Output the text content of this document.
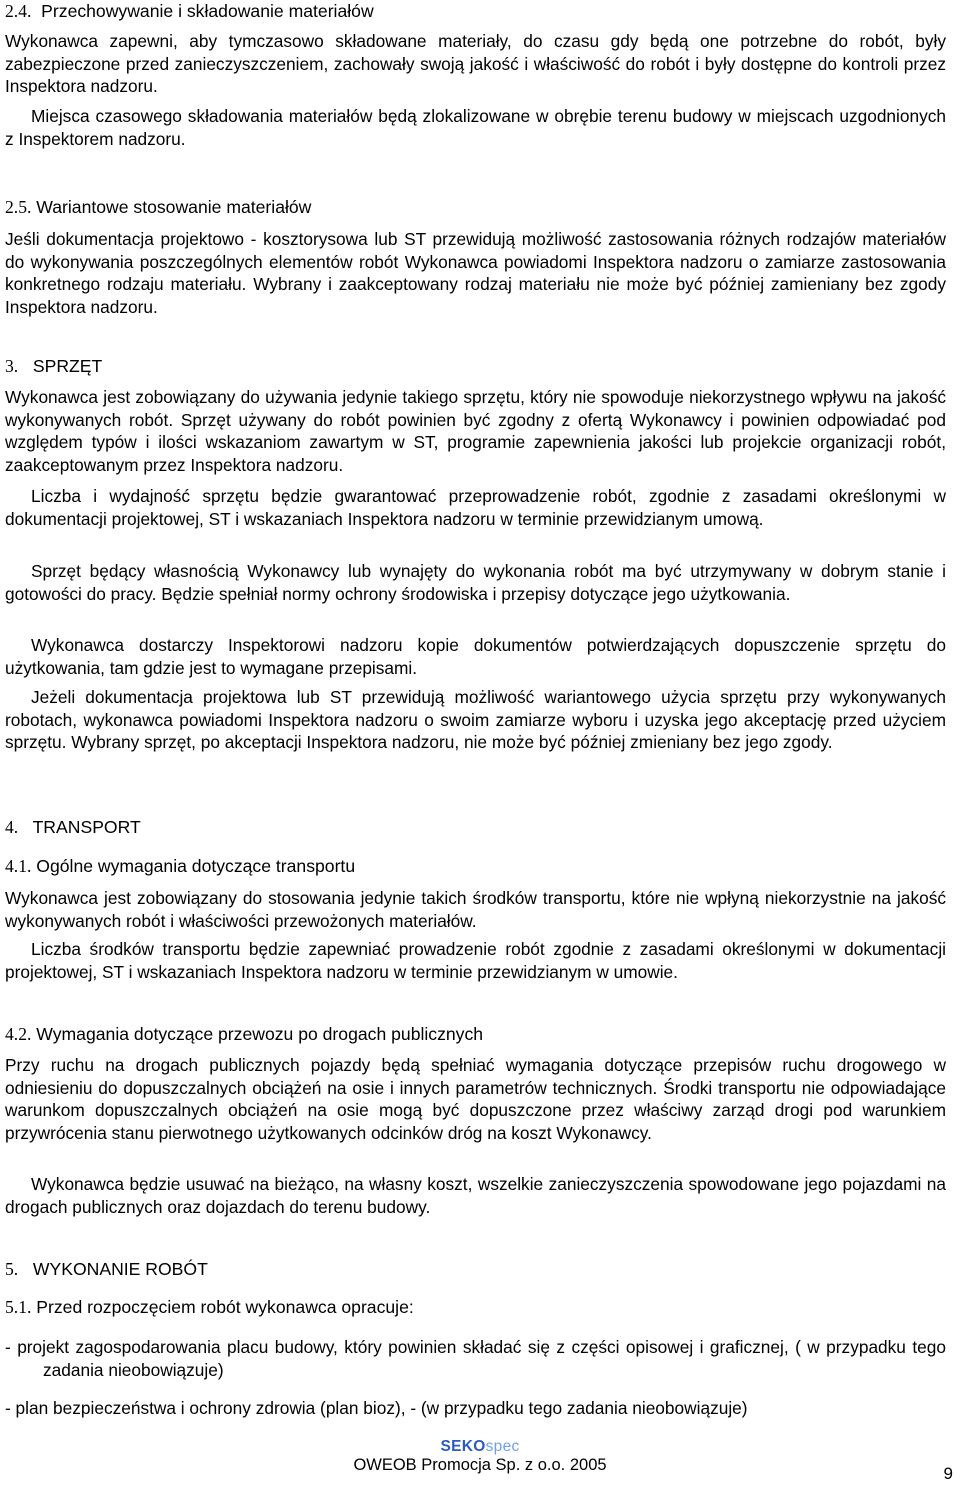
2.4. Przechowywanie i składowanie materiałów

Wykonawca zapewni, aby tymczasowo składowane materiały, do czasu gdy będą one potrzebne do robót, były zabezpieczone przed zanieczyszczeniem, zachowały swoją jakość i właściwość do robót i były dostępne do kontroli przez Inspektora nadzoru.

Miejsca czasowego składowania materiałów będą zlokalizowane w obrębie terenu budowy w miejscach uzgodnionych z Inspektorem nadzoru.

2.5. Wariantowe stosowanie materiałów

Jeśli dokumentacja projektowo - kosztorysowa lub ST przewidują możliwość zastosowania różnych rodzajów materiałów do wykonywania poszczególnych elementów robót Wykonawca powiadomi Inspektora nadzoru o zamiarze zastosowania konkretnego rodzaju materiału. Wybrany i zaakceptowany rodzaj materiału nie może być później zamieniany bez zgody Inspektora nadzoru.

3. SPRZĘT

Wykonawca jest zobowiązany do używania jedynie takiego sprzętu, który nie spowoduje niekorzystnego wpływu na jakość wykonywanych robót. Sprzęt używany do robót powinien być zgodny z ofertą Wykonawcy i powinien odpowiadać pod względem typów i ilości wskazaniom zawartym w ST, programie zapewnienia jakości lub projekcie organizacji robót, zaakceptowanym przez Inspektora nadzoru.

Liczba i wydajność sprzętu będzie gwarantować przeprowadzenie robót, zgodnie z zasadami określonymi w dokumentacji projektowej, ST i wskazaniach Inspektora nadzoru w terminie przewidzianym umową.

Sprzęt będący własnością Wykonawcy lub wynajęty do wykonania robót ma być utrzymywany w dobrym stanie i gotowości do pracy. Będzie spełniał normy ochrony środowiska i przepisy dotyczące jego użytkowania.

Wykonawca dostarczy Inspektorowi nadzoru kopie dokumentów potwierdzających dopuszczenie sprzętu do użytkowania, tam gdzie jest to wymagane przepisami.

Jeżeli dokumentacja projektowa lub ST przewidują możliwość wariantowego użycia sprzętu przy wykonywanych robotach, wykonawca powiadomi Inspektora nadzoru o swoim zamiarze wyboru i uzyska jego akceptację przed użyciem sprzętu. Wybrany sprzęt, po akceptacji Inspektora nadzoru, nie może być później zmieniany bez jego zgody.

4. TRANSPORT

4.1. Ogólne wymagania dotyczące transportu

Wykonawca jest zobowiązany do stosowania jedynie takich środków transportu, które nie wpłyną niekorzystnie na jakość wykonywanych robót i właściwości przewożonych materiałów.

Liczba środków transportu będzie zapewniać prowadzenie robót zgodnie z zasadami określonymi w dokumentacji projektowej, ST i wskazaniach Inspektora nadzoru w terminie przewidzianym w umowie.

4.2. Wymagania dotyczące przewozu po drogach publicznych

Przy ruchu na drogach publicznych pojazdy będą spełniać wymagania dotyczące przepisów ruchu drogowego w odniesieniu do dopuszczalnych obciążeń na osie i innych parametrów technicznych. Środki transportu nie odpowiadające warunkom dopuszczalnych obciążeń na osie mogą być dopuszczone przez właściwy zarząd drogi pod warunkiem przywrócenia stanu pierwotnego użytkowanych odcinków dróg na koszt Wykonawcy.

Wykonawca będzie usuwać na bieżąco, na własny koszt, wszelkie zanieczyszczenia spowodowane jego pojazdami na drogach publicznych oraz dojazdach do terenu budowy.

5. WYKONANIE ROBÓT

5.1. Przed rozpoczęciem robót wykonawca opracuje:

- projekt zagospodarowania placu budowy, który powinien składać się z części opisowej i graficznej, ( w przypadku tego zadania nieobowiązuje)

- plan bezpieczeństwa i ochrony zdrowia (plan bioz), - (w przypadku tego zadania nieobowiązuje)

SEKOspec
OWEOB Promocja Sp. z o.o. 2005	9
